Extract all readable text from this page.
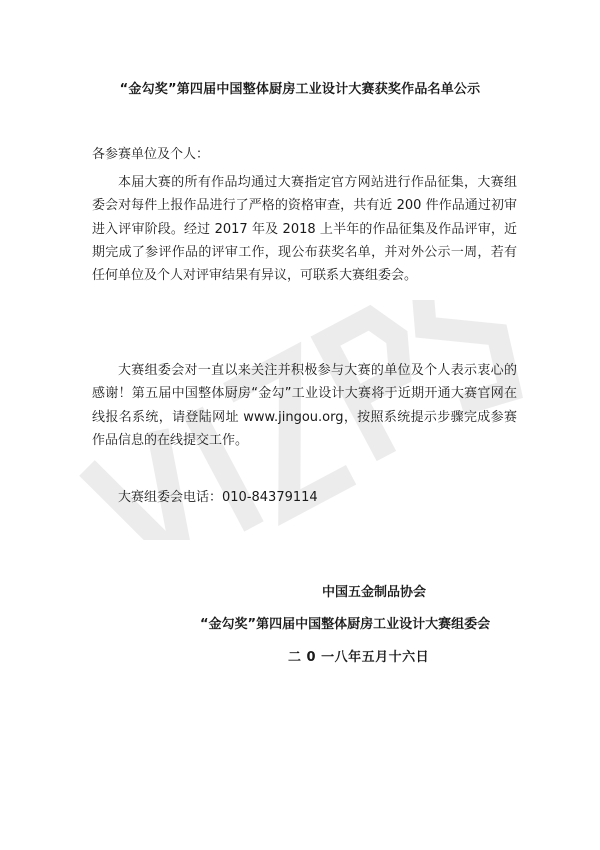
“金勾奖”第四届中国整体厨房工业设计大赛获奖作品名单公示
各参赛单位及个人：
本届大赛的所有作品均通过大赛指定官方网站进行作品征集，大赛组委会对每件上报作品进行了严格的资格审查，共有近 200 件作品通过初审进入评审阶段。经过 2017 年及 2018 上半年的作品征集及作品评审，近期完成了参评作品的评审工作，现公布获奖名单，并对外公示一周，若有任何单位及个人对评审结果有异议，可联系大赛组委会。
大赛组委会对一直以来关注并积极参与大赛的单位及个人表示衷心的感谢！第五届中国整体厨房“金勾”工业设计大赛将于近期开通大赛官网在线报名系统，请登陆网址 www.jingou.org，按照系统提示步骤完成参赛作品信息的在线提交工作。
大赛组委会电话：010-84379114
中国五金制品协会
“金勾奖”第四届中国整体厨房工业设计大赛组委会
二 0 一八年五月十六日
